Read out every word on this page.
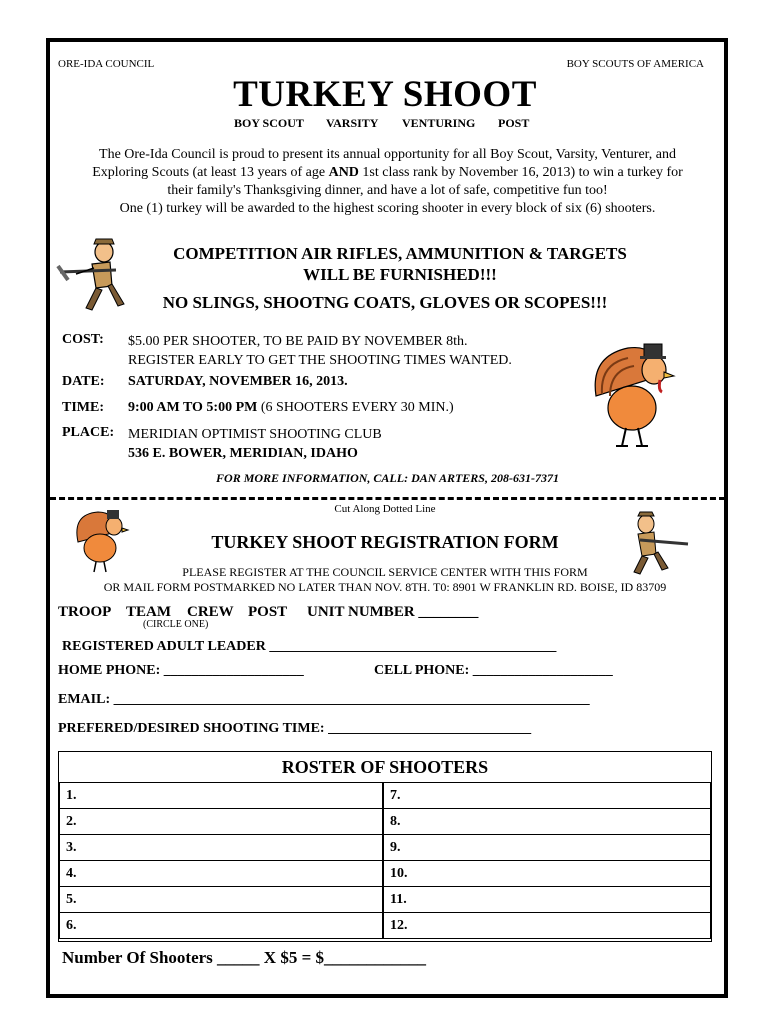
ORE-IDA COUNCIL	BOY SCOUTS OF AMERICA
TURKEY SHOOT
BOY SCOUT VARSITY VENTURING POST
The Ore-Ida Council is proud to present its annual opportunity for all Boy Scout, Varsity, Venturer, and
Exploring Scouts (at least 13 years of age AND 1st class rank by November 16, 2013) to win a turkey for
their family's Thanksgiving dinner, and have a lot of safe, competitive fun too!
One (1) turkey will be awarded to the highest scoring shooter in every block of six (6) shooters.
COMPETITION AIR RIFLES, AMMUNITION & TARGETS
WILL BE FURNISHED!!!
NO SLINGS, SHOOTNG COATS, GLOVES OR SCOPES!!!
COST: $5.00 PER SHOOTER, TO BE PAID BY NOVEMBER 8th.
REGISTER EARLY TO GET THE SHOOTING TIMES WANTED.
DATE: SATURDAY, NOVEMBER 16, 2013.
TIME: 9:00 AM TO 5:00 PM (6 SHOOTERS EVERY 30 MIN.)
PLACE: MERIDIAN OPTIMIST SHOOTING CLUB
536 E. BOWER, MERIDIAN, IDAHO
FOR MORE INFORMATION, CALL: DAN ARTERS, 208-631-7371
Cut Along Dotted Line
TURKEY SHOOT REGISTRATION FORM
PLEASE REGISTER AT THE COUNCIL SERVICE CENTER WITH THIS FORM
OR MAIL FORM POSTMARKED NO LATER THAN NOV. 8TH. T0: 8901 W FRANKLIN RD. BOISE, ID 83709
TROOP TEAM CREW POST UNIT NUMBER ________
(CIRCLE ONE)
REGISTERED ADULT LEADER _________________________________________
HOME PHONE: ____________________	CELL PHONE: ____________________
EMAIL: ____________________________________________________________________
PREFERED/DESIRED SHOOTING TIME: _____________________________
ROSTER OF SHOOTERS
1.	7.
2.	8.
3.	9.
4.	10.
5.	11.
6.	12.
Number Of Shooters _____ X $5 = $____________
